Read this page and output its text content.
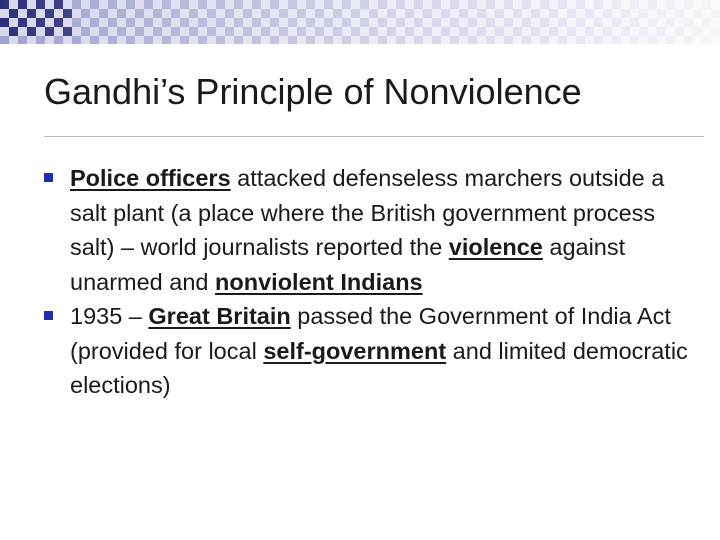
Gandhi’s Principle of Nonviolence
Police officers attacked defenseless marchers outside a salt plant (a place where the British government process salt) – world journalists reported the violence against unarmed and nonviolent Indians
1935 – Great Britain passed the Government of India Act (provided for local self-government and limited democratic elections)
